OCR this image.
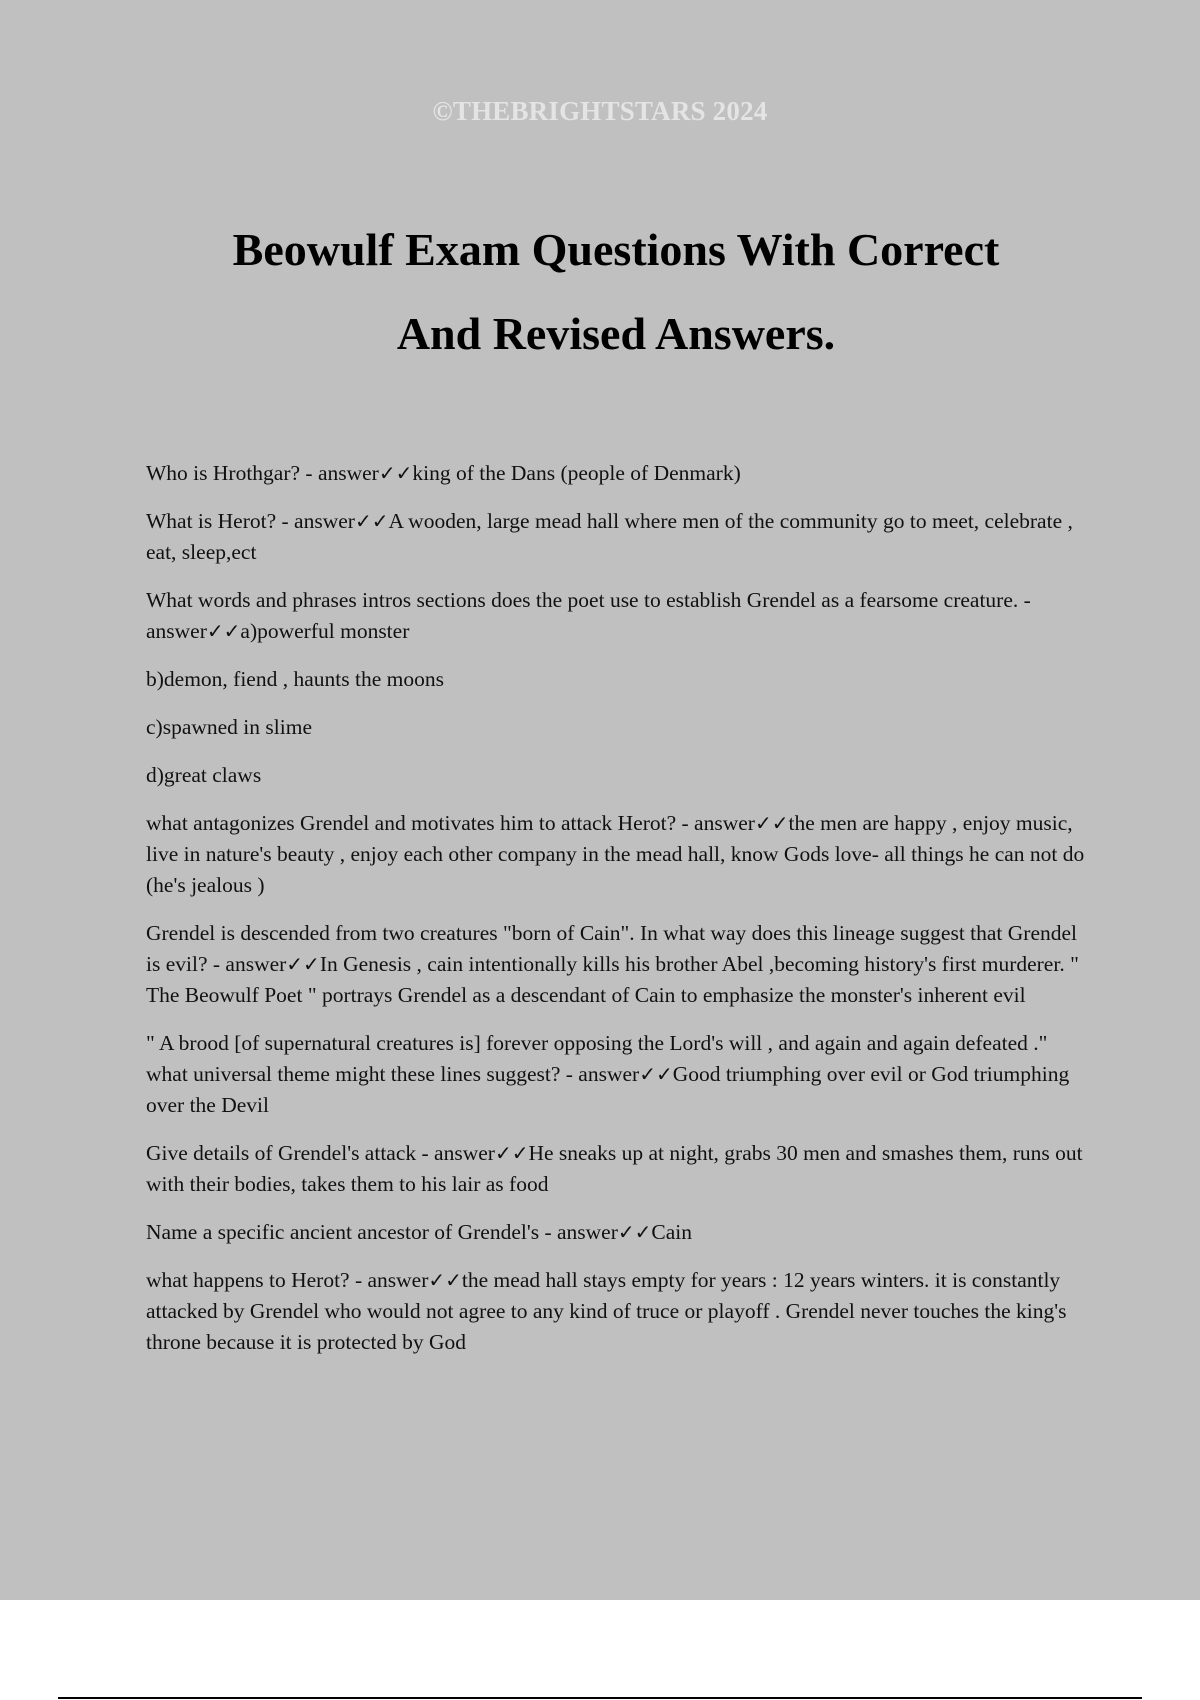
©THEBRIGHTSTARS 2024
Beowulf Exam Questions With Correct
And Revised Answers.

Who is Hrothgar? - answer✓✓king of the Dans (people of Denmark)

What is Herot? - answer✓✓A wooden, large mead hall where men of the community go to meet, celebrate , eat, sleep,ect

What words and phrases intros sections does the poet use to establish Grendel as a fearsome creature. - answer✓✓a)powerful monster

b)demon, fiend , haunts the moons

c)spawned in slime

d)great claws

what antagonizes Grendel and motivates him to attack Herot? - answer✓✓the men are happy , enjoy music, live in nature's beauty , enjoy each other company in the mead hall, know Gods love- all things he can not do (he's jealous )

Grendel is descended from two creatures "born of Cain". In what way does this lineage suggest that Grendel is evil? - answer✓✓In Genesis , cain intentionally kills his brother Abel ,becoming history's first murderer. " The Beowulf Poet " portrays Grendel as a descendant of Cain to emphasize the monster's inherent evil

" A brood [of supernatural creatures is] forever opposing the Lord's will , and again and again defeated ." what universal theme might these lines suggest? - answer✓✓Good triumphing over evil or God triumphing over the Devil

Give details of Grendel's attack - answer✓✓He sneaks up at night, grabs 30 men and smashes them, runs out with their bodies, takes them to his lair as food

Name a specific ancient ancestor of Grendel's - answer✓✓Cain

what happens to Herot? - answer✓✓the mead hall stays empty for years : 12 years winters. it is constantly attacked by Grendel who would not agree to any kind of truce or playoff . Grendel never touches the king's throne because it is protected by God
